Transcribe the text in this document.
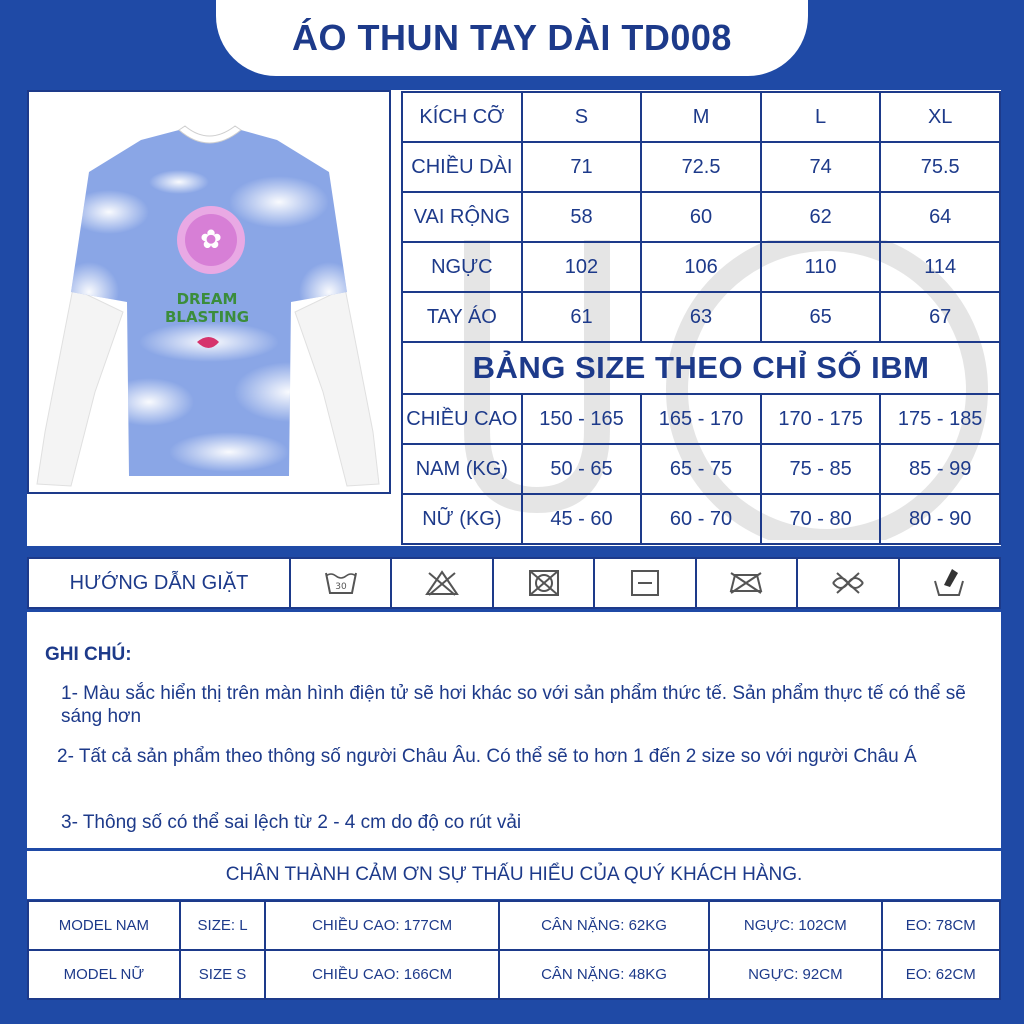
ÁO THUN TAY DÀI TD008
✿
DREAM
BLASTING
KÍCH CỠ	S	M	L	XL
CHIỀU DÀI	71	72.5	74	75.5
VAI RỘNG	58	60	62	64
NGỰC	102	106	110	114
TAY ÁO	61	63	65	67
BẢNG SIZE THEO CHỈ SỐ IBM				
CHIỀU CAO	150 - 165	165 - 170	170 - 175	175 - 185
NAM (KG)	50 - 65	65 - 75	75 - 85	85 - 99
NỮ (KG)	45 - 60	60 - 70	70 - 80	80 - 90
HƯỚNG DẪN GIẶT	30
GHI CHÚ:
1- Màu sắc hiển thị trên màn hình điện tử sẽ hơi khác so với sản phẩm thức tế. Sản phẩm thực tế có thể sẽ sáng hơn
2- Tất cả sản phẩm theo thông số người Châu Âu. Có thể sẽ to hơn 1 đến 2 size so với người Châu Á
3- Thông số có thể sai lệch từ 2 - 4 cm do độ co rút vải
CHÂN THÀNH CẢM ƠN SỰ THẤU HIỂU CỦA QUÝ KHÁCH HÀNG.
MODEL NAM	SIZE: L	CHIỀU CAO: 177CM	CÂN NẶNG: 62KG	NGỰC: 102CM	EO: 78CM
MODEL NỮ	SIZE S	CHIỀU CAO: 166CM	CÂN NẶNG: 48KG	NGỰC: 92CM	EO: 62CM
